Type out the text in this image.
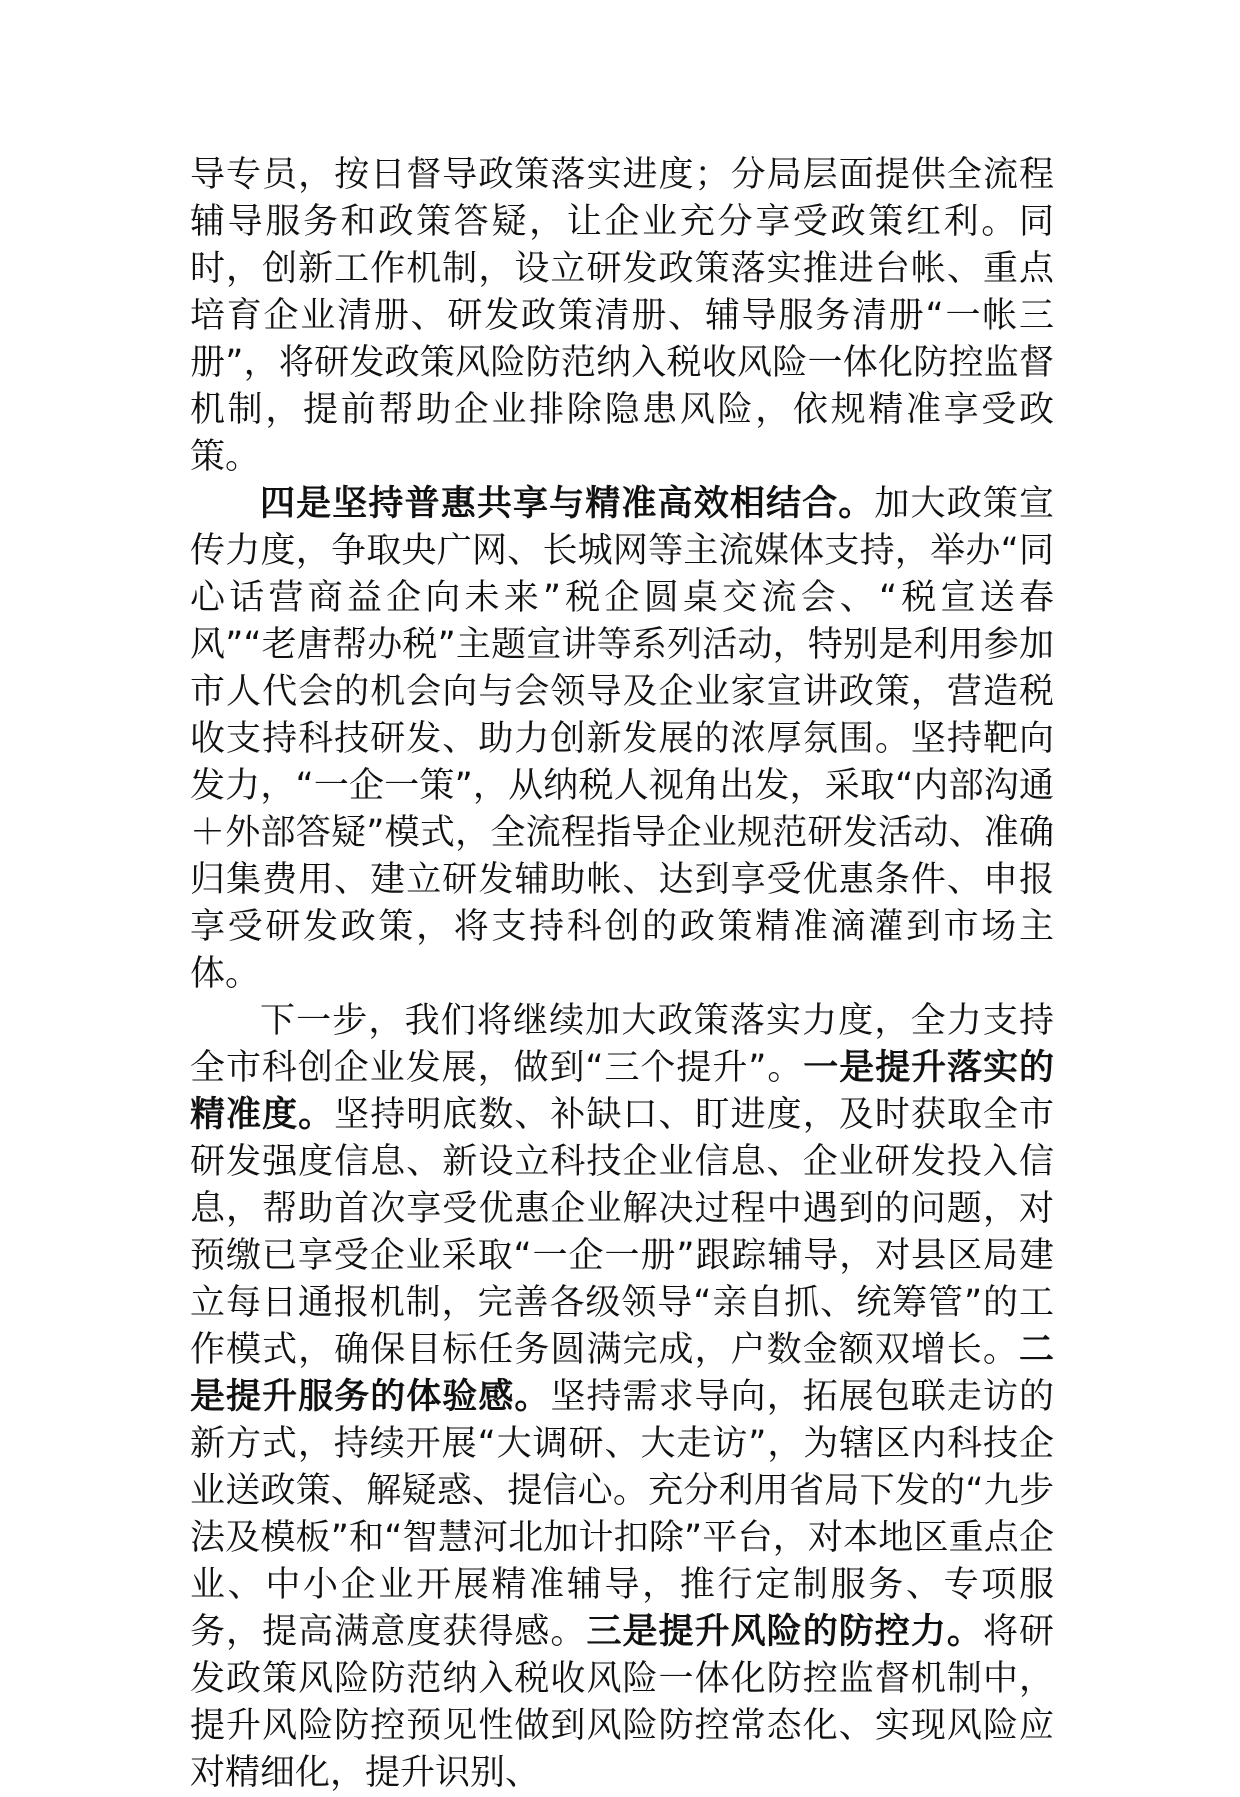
导专员，按日督导政策落实进度；分局层面提供全流程辅导服务和政策答疑，让企业充分享受政策红利。同时，创新工作机制，设立研发政策落实推进台帐、重点培育企业清册、研发政策清册、辅导服务清册“一帐三册”，将研发政策风险防范纳入税收风险一体化防控监督机制，提前帮助企业排除隐患风险，依规精准享受政策。

四是坚持普惠共享与精准高效相结合。加大政策宣传力度，争取央广网、长城网等主流媒体支持，举办“同心话营商益企向未来”税企圆桌交流会、“税宣送春风”“老唐帮办税”主题宣讲等系列活动，特别是利用参加市人代会的机会向与会领导及企业家宣讲政策，营造税收支持科技研发、助力创新发展的浓厚氛围。坚持靶向发力，“一企一策”，从纳税人视角出发，采取“内部沟通＋外部答疑”模式，全流程指导企业规范研发活动、准确归集费用、建立研发辅助帐、达到享受优惠条件、申报享受研发政策，将支持科创的政策精准滴灌到市场主体。

下一步，我们将继续加大政策落实力度，全力支持全市科创企业发展，做到“三个提升”。一是提升落实的精准度。坚持明底数、补缺口、盯进度，及时获取全市研发强度信息、新设立科技企业信息、企业研发投入信息，帮助首次享受优惠企业解决过程中遇到的问题，对预缴已享受企业采取“一企一册”跟踪辅导，对县区局建立每日通报机制，完善各级领导“亲自抓、统筹管”的工作模式，确保目标任务圆满完成，户数金额双增长。二是提升服务的体验感。坚持需求导向，拓展包联走访的新方式，持续开展“大调研、大走访”，为辖区内科技企业送政策、解疑惑、提信心。充分利用省局下发的“九步法及模板”和“智慧河北加计扣除”平台，对本地区重点企业、中小企业开展精准辅导，推行定制服务、专项服务，提高满意度获得感。三是提升风险的防控力。将研发政策风险防范纳入税收风险一体化防控监督机制中，提升风险防控预见性做到风险防控常态化、实现风险应对精细化，提升识别、
